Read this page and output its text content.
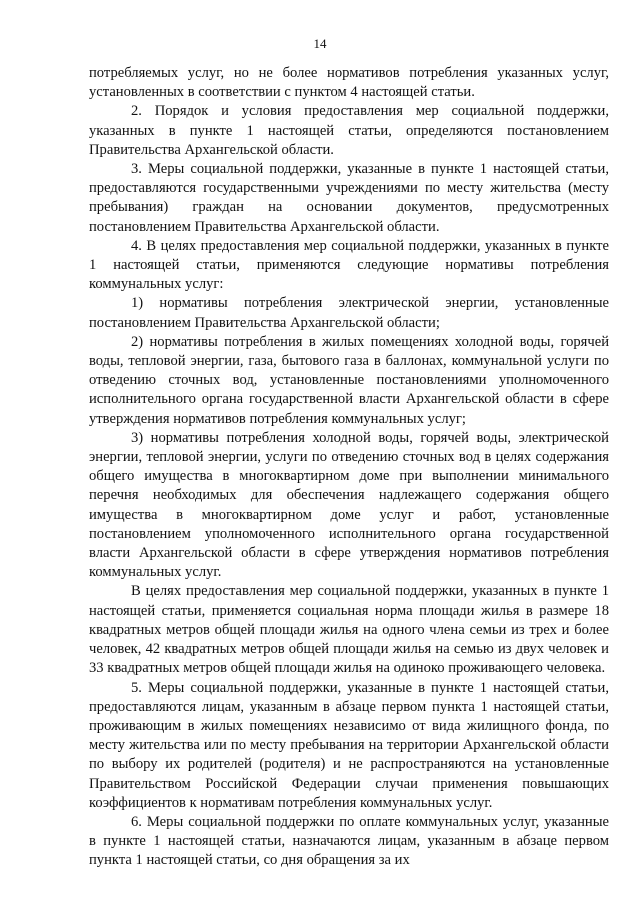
14

потребляемых услуг, но не более нормативов потребления указанных услуг, установленных в соответствии с пунктом 4 настоящей статьи.

2. Порядок и условия предоставления мер социальной поддержки, указанных в пункте 1 настоящей статьи, определяются постановлением Правительства Архангельской области.

3. Меры социальной поддержки, указанные в пункте 1 настоящей статьи, предоставляются государственными учреждениями по месту жительства (месту пребывания) граждан на основании документов, предусмотренных постановлением Правительства Архангельской области.

4. В целях предоставления мер социальной поддержки, указанных в пункте 1 настоящей статьи, применяются следующие нормативы потребления коммунальных услуг:

1) нормативы потребления электрической энергии, установленные постановлением Правительства Архангельской области;

2) нормативы потребления в жилых помещениях холодной воды, горячей воды, тепловой энергии, газа, бытового газа в баллонах, коммунальной услуги по отведению сточных вод, установленные постановлениями уполномоченного исполнительного органа государственной власти Архангельской области в сфере утверждения нормативов потребления коммунальных услуг;

3) нормативы потребления холодной воды, горячей воды, электрической энергии, тепловой энергии, услуги по отведению сточных вод в целях содержания общего имущества в многоквартирном доме при выполнении минимального перечня необходимых для обеспечения надлежащего содержания общего имущества в многоквартирном доме услуг и работ, установленные постановлением уполномоченного исполнительного органа государственной власти Архангельской области в сфере утверждения нормативов потребления коммунальных услуг.

В целях предоставления мер социальной поддержки, указанных в пункте 1 настоящей статьи, применяется социальная норма площади жилья в размере 18 квадратных метров общей площади жилья на одного члена семьи из трех и более человек, 42 квадратных метров общей площади жилья на семью из двух человек и 33 квадратных метров общей площади жилья на одиноко проживающего человека.

5. Меры социальной поддержки, указанные в пункте 1 настоящей статьи, предоставляются лицам, указанным в абзаце первом пункта 1 настоящей статьи, проживающим в жилых помещениях независимо от вида жилищного фонда, по месту жительства или по месту пребывания на территории Архангельской области по выбору их родителей (родителя) и не распространяются на установленные Правительством Российской Федерации случаи применения повышающих коэффициентов к нормативам потребления коммунальных услуг.

6. Меры социальной поддержки по оплате коммунальных услуг, указанные в пункте 1 настоящей статьи, назначаются лицам, указанным в абзаце первом пункта 1 настоящей статьи, со дня обращения за их
